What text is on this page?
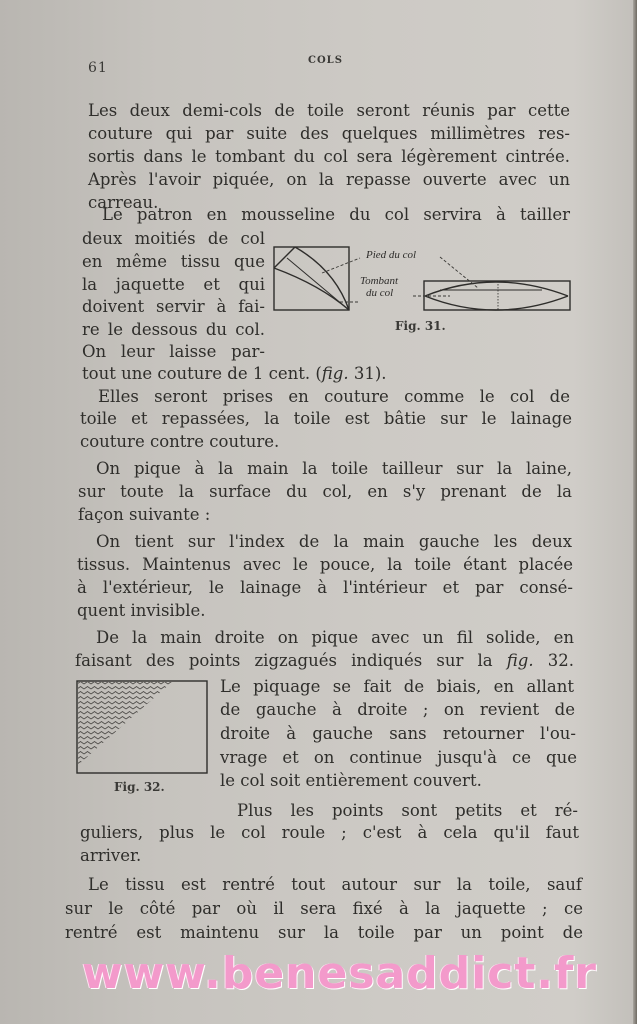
61	COLS
Les deux demi-cols de toile seront réunis par cette
couture qui par suite des quelques millimètres res-
sortis dans le tombant du col sera légèrement cintrée.
Après l'avoir piquée, on la repasse ouverte avec un
carreau.
Le patron en mousseline du col servira à tailler
deux moitiés de col
en même tissu que
la jaquette et qui
doivent servir à fai-
re le dessous du col.
On leur laisse par-
tout une couture de 1 cent. (fig. 31).
Pied du col
Tombant
du col
Fig. 31.
Elles seront prises en couture comme le col de
toile et repassées, la toile est bâtie sur le lainage
couture contre couture.
On pique à la main la toile tailleur sur la laine,
sur toute la surface du col, en s'y prenant de la
façon suivante :
On tient sur l'index de la main gauche les deux
tissus. Maintenus avec le pouce, la toile étant placée
à l'extérieur, le lainage à l'intérieur et par consé-
quent invisible.
De la main droite on pique avec un fil solide, en
faisant des points zigzagués indiqués sur la fig. 32.
Fig. 32.
Le piquage se fait de biais, en allant
de gauche à droite ; on revient de
droite à gauche sans retourner l'ou-
vrage et on continue jusqu'à ce que
le col soit entièrement couvert.
Plus les points sont petits et ré-
guliers, plus le col roule ; c'est à cela qu'il faut
arriver.
Le tissu est rentré tout autour sur la toile, sauf
sur le côté par où il sera fixé à la jaquette ; ce
rentré est maintenu sur la toile par un point de
www.benesaddict.fr
